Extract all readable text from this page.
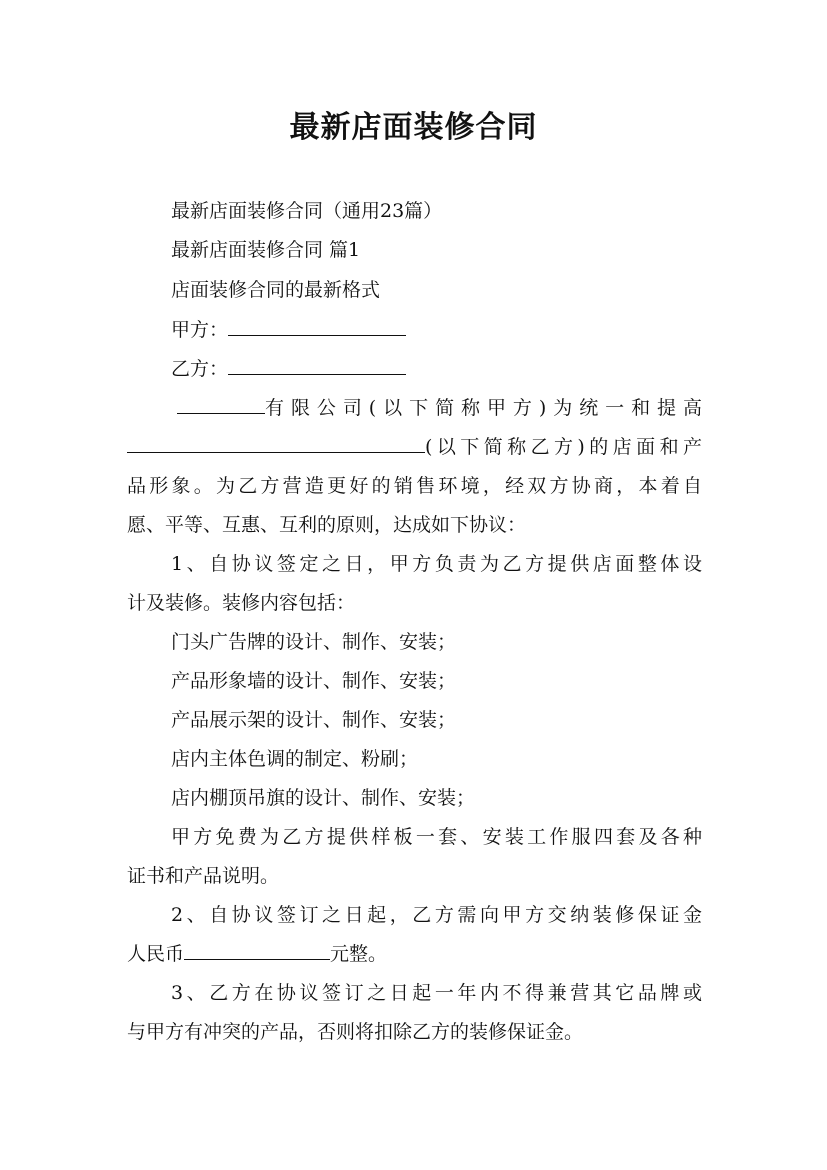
最新店面装修合同
最新店面装修合同（通用23篇）
最新店面装修合同 篇1
店面装修合同的最新格式
甲方：
乙方：
有限公司(以下简称甲方)为统一和提高
(以下简称乙方)的店面和产
品形象。为乙方营造更好的销售环境，经双方协商，本着自
愿、平等、互惠、互利的原则，达成如下协议：
1、自协议签定之日，甲方负责为乙方提供店面整体设
计及装修。装修内容包括：
门头广告牌的设计、制作、安装；
产品形象墙的设计、制作、安装；
产品展示架的设计、制作、安装；
店内主体色调的制定、粉刷；
店内棚顶吊旗的设计、制作、安装；
甲方免费为乙方提供样板一套、安装工作服四套及各种
证书和产品说明。
2、自协议签订之日起，乙方需向甲方交纳装修保证金
人民币	元整。
3、乙方在协议签订之日起一年内不得兼营其它品牌或
与甲方有冲突的产品，否则将扣除乙方的装修保证金。
